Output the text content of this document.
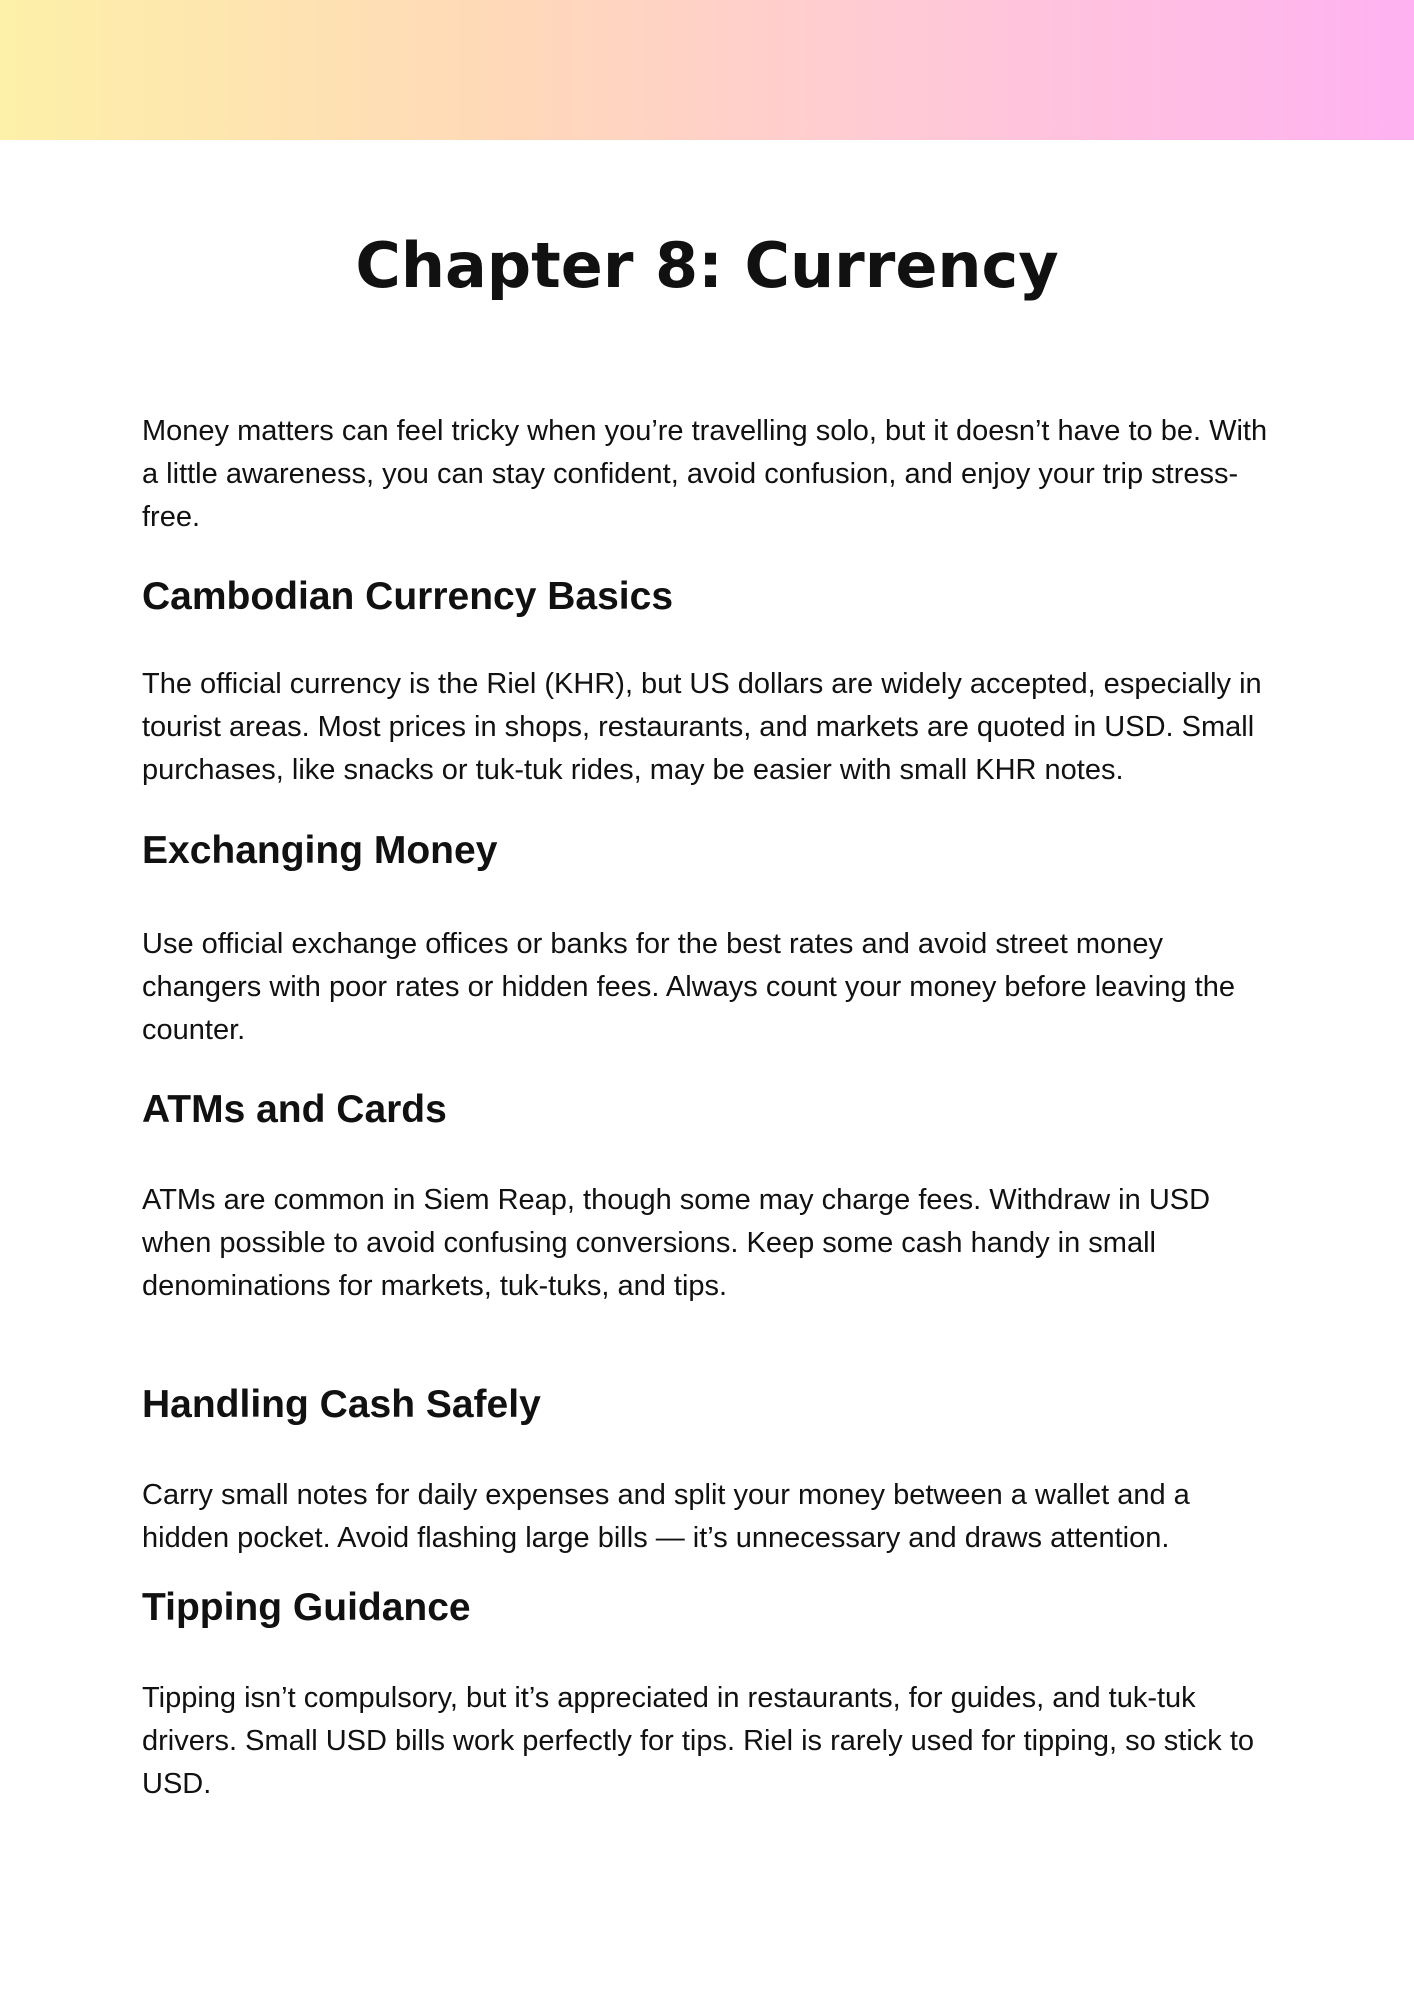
Chapter 8: Currency

Money matters can feel tricky when you’re travelling solo, but it doesn’t have to be. With a little awareness, you can stay confident, avoid confusion, and enjoy your trip stress-free.

Cambodian Currency Basics

The official currency is the Riel (KHR), but US dollars are widely accepted, especially in tourist areas. Most prices in shops, restaurants, and markets are quoted in USD. Small purchases, like snacks or tuk-tuk rides, may be easier with small KHR notes.

Exchanging Money

Use official exchange offices or banks for the best rates and avoid street money changers with poor rates or hidden fees. Always count your money before leaving the counter.

ATMs and Cards

ATMs are common in Siem Reap, though some may charge fees. Withdraw in USD when possible to avoid confusing conversions. Keep some cash handy in small denominations for markets, tuk-tuks, and tips.

Handling Cash Safely

Carry small notes for daily expenses and split your money between a wallet and a hidden pocket. Avoid flashing large bills — it’s unnecessary and draws attention.

Tipping Guidance

Tipping isn’t compulsory, but it’s appreciated in restaurants, for guides, and tuk-tuk drivers. Small USD bills work perfectly for tips. Riel is rarely used for tipping, so stick to USD.
